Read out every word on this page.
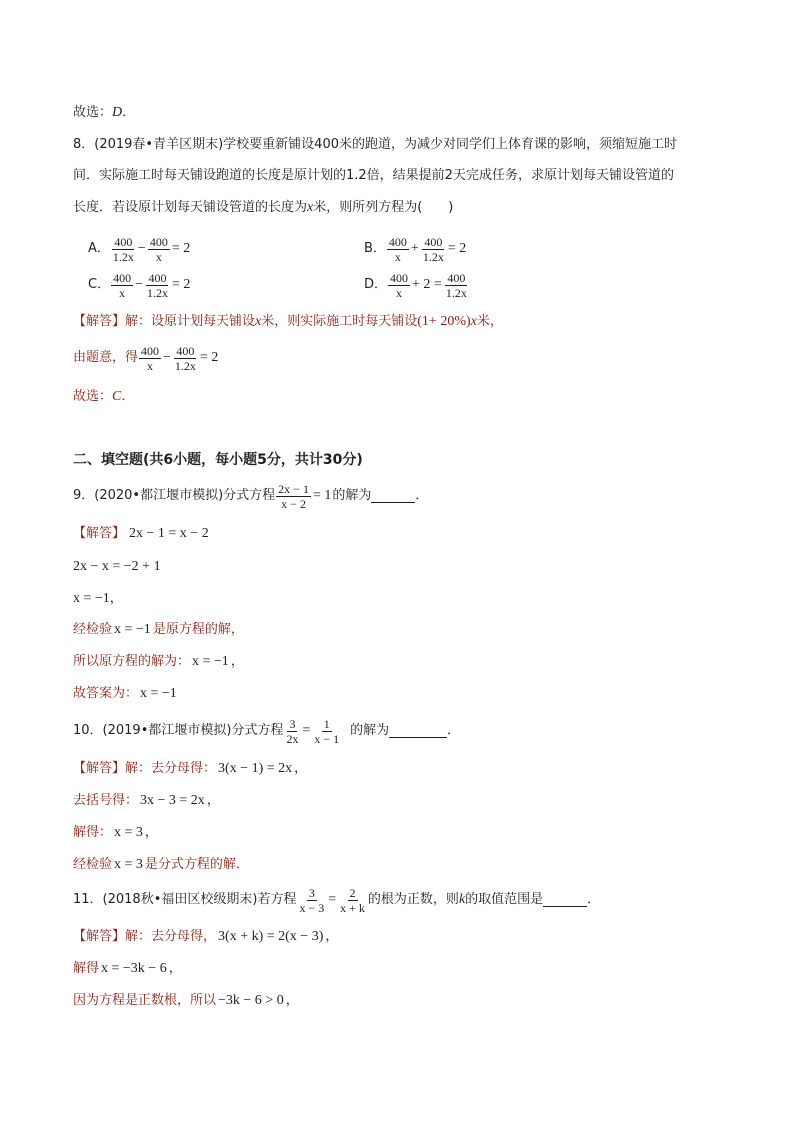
故选：D．
8．(2019春•青羊区期末)学校要重新铺设400米的跑道，为减少对同学们上体育课的影响，须缩短施工时
间．实际施工时每天铺设跑道的长度是原计划的1.2倍，结果提前2天完成任务，求原计划每天铺设管道的
长度．若设原计划每天铺设管道的长度为x米，则所列方程为(　　)
A． $\frac{400}{1.2x} - \frac{400}{x} = 2$	B． $\frac{400}{x} + \frac{400}{1.2x} = 2$
C． $\frac{400}{x} - \frac{400}{1.2x} = 2$	D． $\frac{400}{x} + 2 = \frac{400}{1.2x}$
【解答】解：设原计划每天铺设x米，则实际施工时每天铺设(1+ 20%)x米，
由题意，得 $\frac{400}{x} - \frac{400}{1.2x} = 2$
故选：C．
二、填空题(共6小题，每小题5分，共计30分)
9．(2020•都江堰市模拟)分式方程 $\frac{2x - 1}{x - 2} = 1$ 的解为	．
【解答】 2x − 1 = x − 2
2x − x = −2 + 1
x = −1，
经检验 x = −1 是原方程的解，
所以原方程的解为： x = −1 ，
故答案为： x = −1
10．(2019•都江堰市模拟)分式方程 $\frac{3}{2x} = \frac{1}{x - 1}$ 的解为	．
【解答】解：去分母得： 3(x − 1) = 2x ，
去括号得： 3x − 3 = 2x ，
解得： x = 3 ，
经检验 x = 3 是分式方程的解．
11．(2018秋•福田区校级期末)若方程 $\frac{3}{x - 3} = \frac{2}{x + k}$ 的根为正数，则 k 的取值范围是	．
【解答】解：去分母得， 3(x + k) = 2(x − 3) ，
解得 x = −3k − 6 ，
因为方程是正数根，所以 −3k − 6 > 0 ，
